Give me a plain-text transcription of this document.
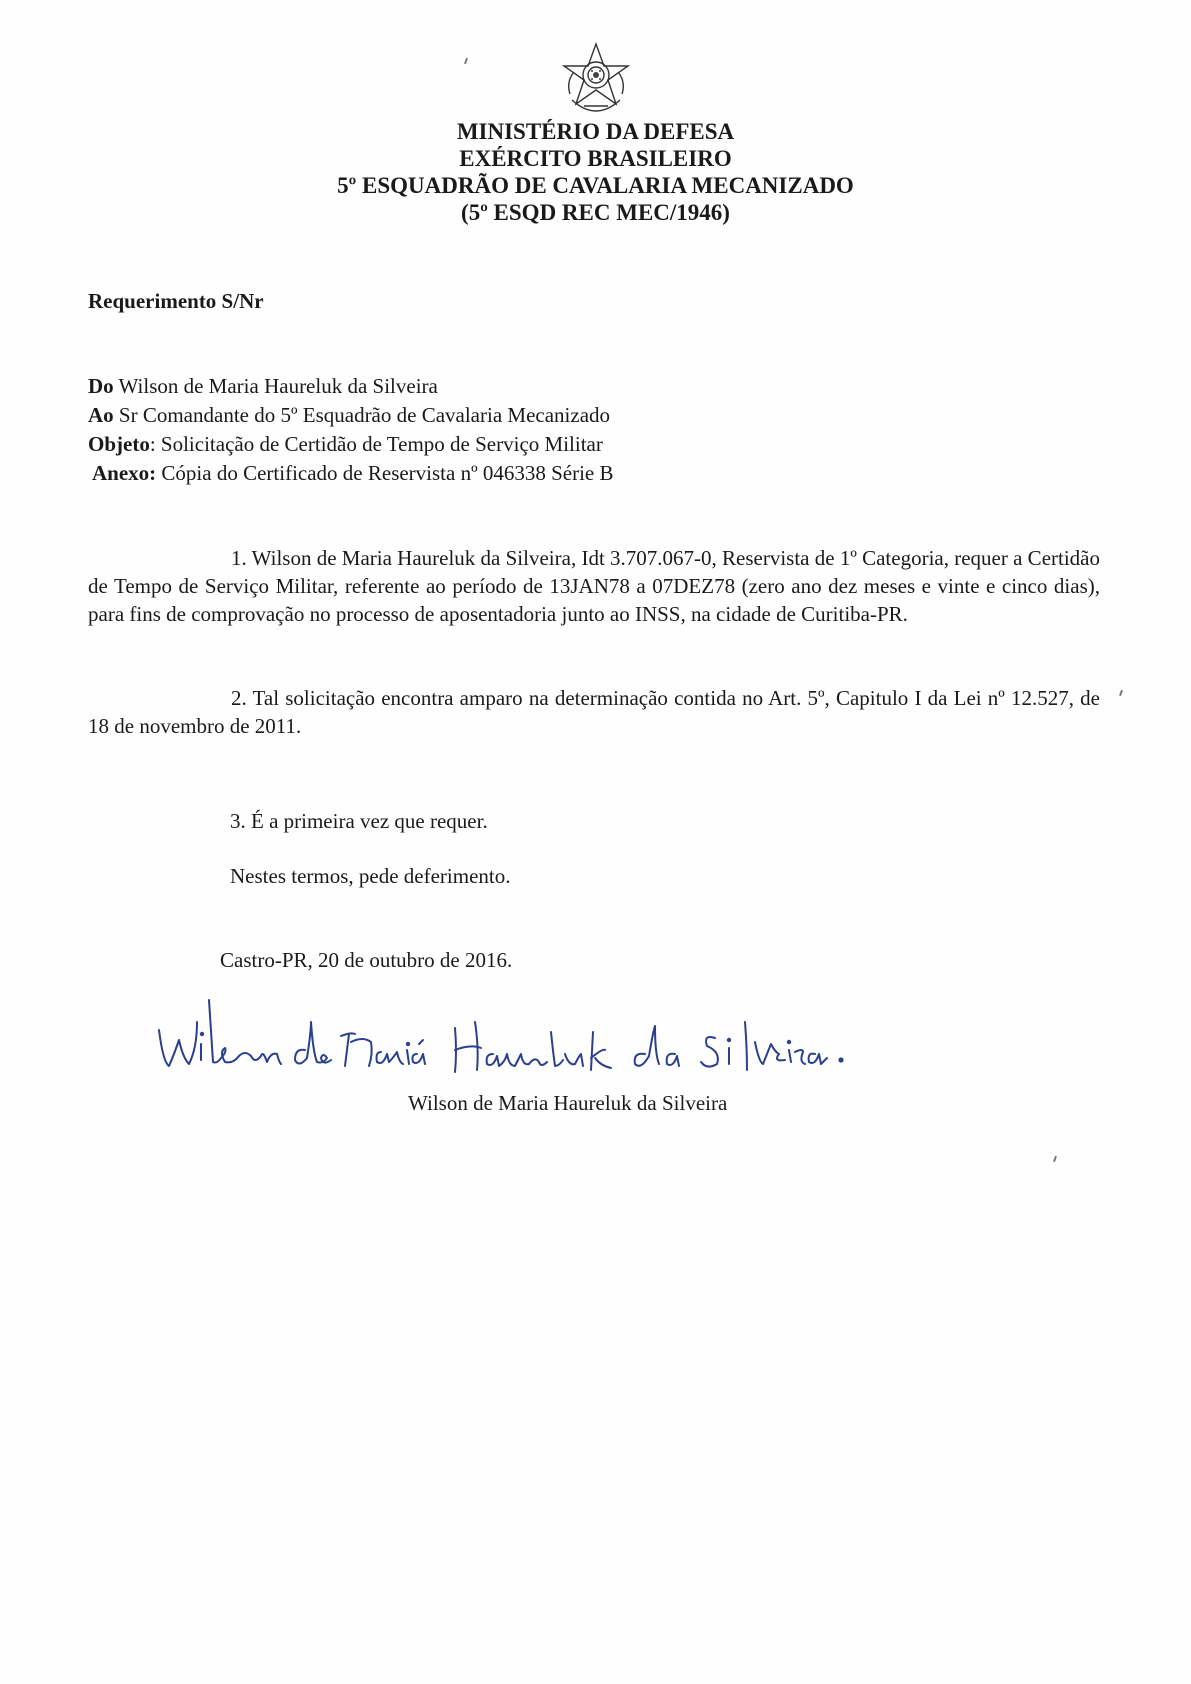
MINISTÉRIO DA DEFESA
EXÉRCITO BRASILEIRO
5º ESQUADRÃO DE CAVALARIA MECANIZADO
(5º ESQD REC MEC/1946)
Requerimento S/Nr
Do Wilson de Maria Haureluk da Silveira
Ao Sr Comandante do 5º Esquadrão de Cavalaria Mecanizado
Objeto: Solicitação de Certidão de Tempo de Serviço Militar
Anexo: Cópia do Certificado de Reservista nº 046338 Série B
1. Wilson de Maria Haureluk da Silveira, Idt 3.707.067-0, Reservista de 1º Categoria, requer a Certidão de Tempo de Serviço Militar, referente ao período de 13JAN78 a 07DEZ78 (zero ano dez meses e vinte e cinco dias), para fins de comprovação no processo de aposentadoria junto ao INSS, na cidade de Curitiba-PR.
2. Tal solicitação encontra amparo na determinação contida no Art. 5º, Capitulo I da Lei nº 12.527, de 18 de novembro de 2011.
3. É a primeira vez que requer.
Nestes termos, pede deferimento.
Castro-PR, 20 de outubro de 2016.
Wilson de Maria Haureluk da Silveira
